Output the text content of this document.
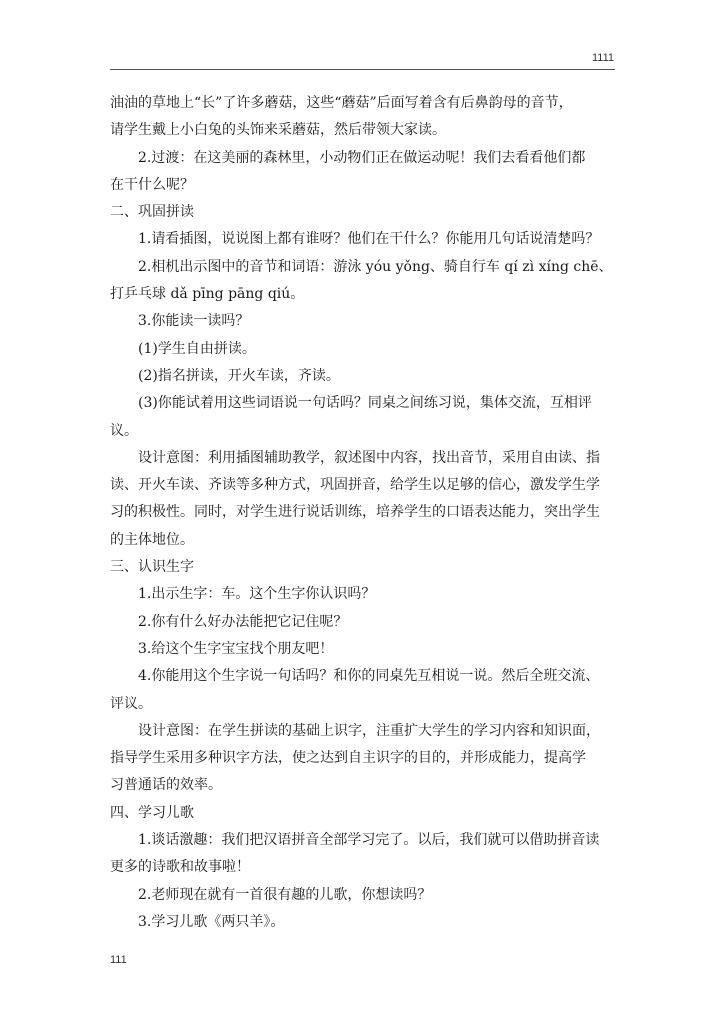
1111
油油的草地上“长”了许多蘑菇，这些“蘑菇”后面写着含有后鼻韵母的音节，
请学生戴上小白兔的头饰来采蘑菇，然后带领大家读。
2.过渡：在这美丽的森林里，小动物们正在做运动呢！我们去看看他们都
在干什么呢？
二、巩固拼读
1.请看插图，说说图上都有谁呀？他们在干什么？你能用几句话说清楚吗？
2.相机出示图中的音节和词语：游泳 yóu yǒng、骑自行车 qí zì xíng chē、
打乒乓球 dǎ pīng pāng qiú。
3.你能读一读吗？
(1)学生自由拼读。
(2)指名拼读，开火车读，齐读。
(3)你能试着用这些词语说一句话吗？同桌之间练习说，集体交流，互相评
议。
设计意图：利用插图辅助教学，叙述图中内容，找出音节，采用自由读、指
读、开火车读、齐读等多种方式，巩固拼音，给学生以足够的信心，激发学生学
习的积极性。同时，对学生进行说话训练，培养学生的口语表达能力，突出学生
的主体地位。
三、认识生字
1.出示生字：车。这个生字你认识吗？
2.你有什么好办法能把它记住呢？
3.给这个生字宝宝找个朋友吧！
4.你能用这个生字说一句话吗？和你的同桌先互相说一说。然后全班交流、
评议。
设计意图：在学生拼读的基础上识字，注重扩大学生的学习内容和知识面，
指导学生采用多种识字方法，使之达到自主识字的目的，并形成能力，提高学
习普通话的效率。
四、学习儿歌
1.谈话激趣：我们把汉语拼音全部学习完了。以后，我们就可以借助拼音读
更多的诗歌和故事啦！
2.老师现在就有一首很有趣的儿歌，你想读吗？
3.学习儿歌《两只羊》。
111
